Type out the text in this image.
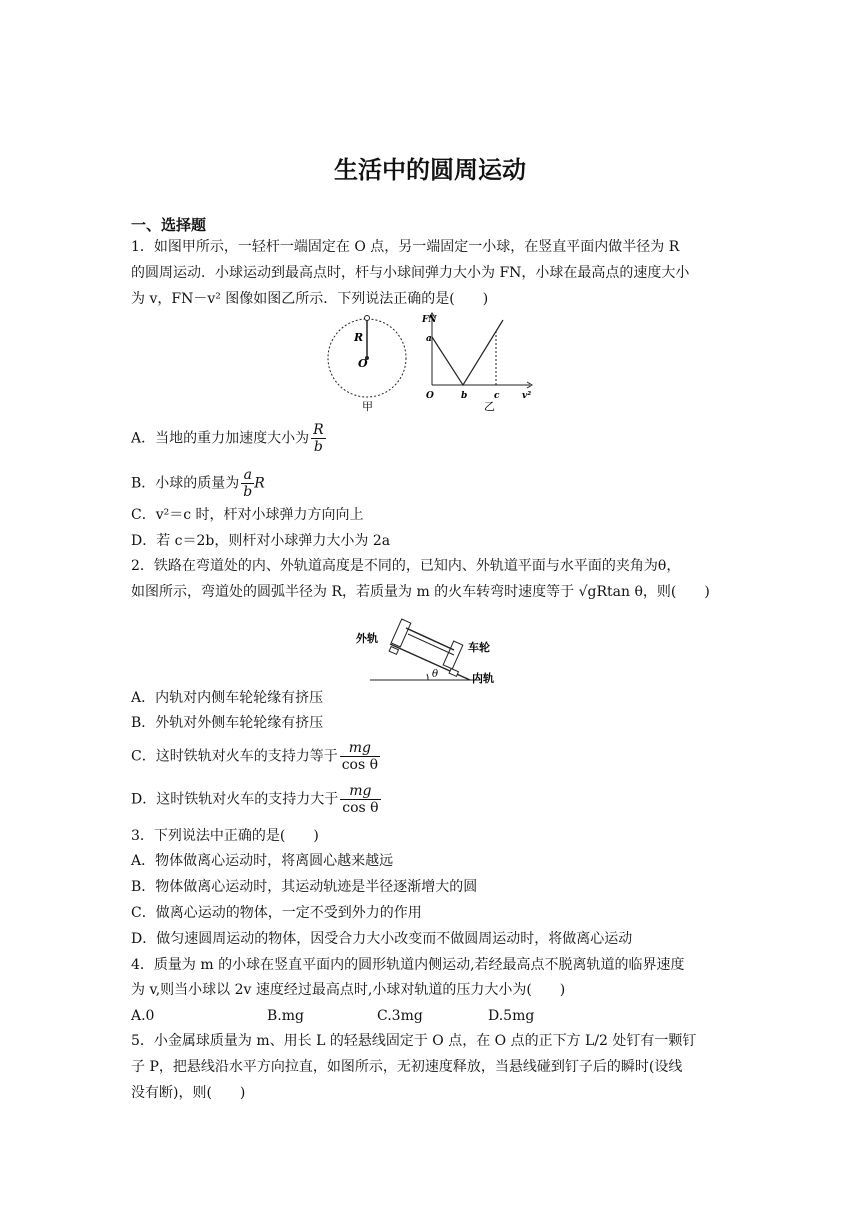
生活中的圆周运动
一、选择题
1．如图甲所示，一轻杆一端固定在 O 点，另一端固定一小球，在竖直平面内做半径为 R
的圆周运动．小球运动到最高点时，杆与小球间弹力大小为 FN，小球在最高点的速度大小
为 v，FN－v² 图像如图乙所示．下列说法正确的是(　　)
R
O
甲
FN
a
O	b	c	v²
乙
A．当地的重力加速度大小为 $\frac{R}{b}$
B．小球的质量为 $\frac{a}{b}$ R
C．v²＝c 时，杆对小球弹力方向向上
D．若 c＝2b，则杆对小球弹力大小为 2a
2．铁路在弯道处的内、外轨道高度是不同的，已知内、外轨道平面与水平面的夹角为θ，
如图所示，弯道处的圆弧半径为 R，若质量为 m 的火车转弯时速度等于 √gRtan θ，则(　　)
θ
外轨
车轮
内轨
A．内轨对内侧车轮轮缘有挤压
B．外轨对外侧车轮轮缘有挤压
C．这时铁轨对火车的支持力等于 $\frac{mg}{\text{cos θ}}$
D．这时铁轨对火车的支持力大于 $\frac{mg}{\text{cos θ}}$
3．下列说法中正确的是(　　)
A．物体做离心运动时，将离圆心越来越远
B．物体做离心运动时，其运动轨迹是半径逐渐增大的圆
C．做离心运动的物体，一定不受到外力的作用
D．做匀速圆周运动的物体，因受合力大小改变而不做圆周运动时，将做离心运动
4．质量为 m 的小球在竖直平面内的圆形轨道内侧运动,若经最高点不脱离轨道的临界速度
为 v,则当小球以 2v 速度经过最高点时,小球对轨道的压力大小为(　　)
A.0	B.mg	C.3mg	D.5mg
5．小金属球质量为 m、用长 L 的轻悬线固定于 O 点，在 O 点的正下方 L/2 处钉有一颗钉
子 P，把悬线沿水平方向拉直，如图所示，无初速度释放，当悬线碰到钉子后的瞬时(设线
没有断)，则(　　)
